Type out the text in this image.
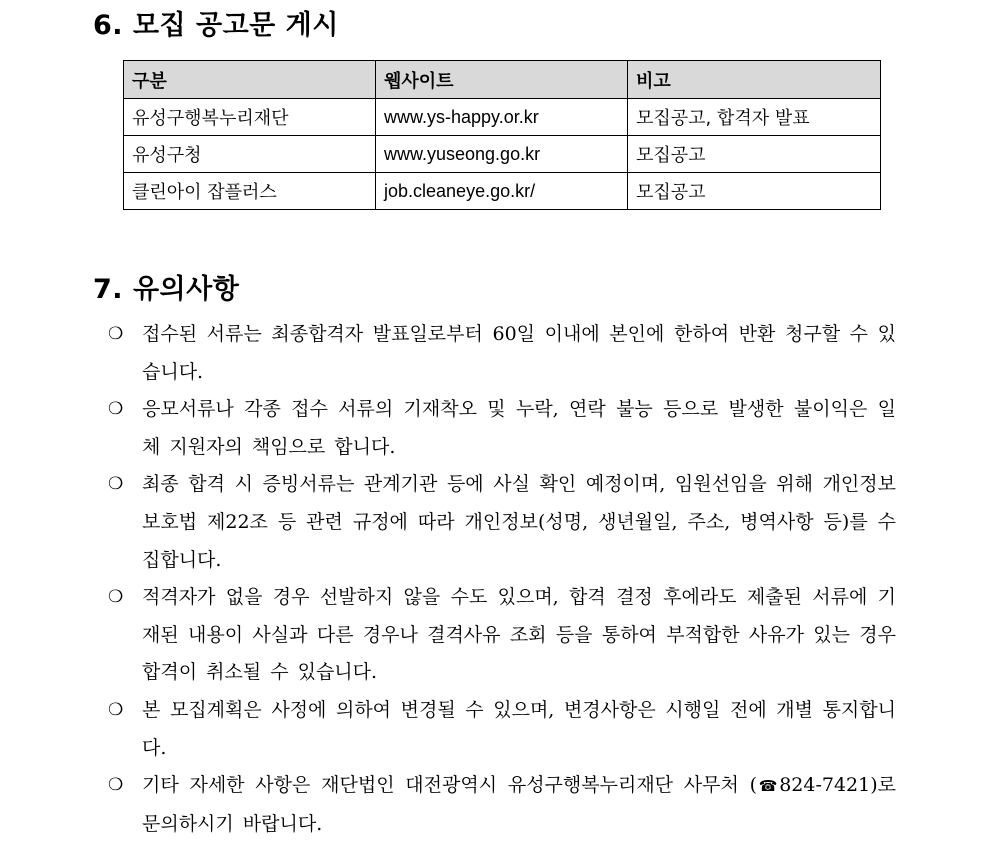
6. 모집 공고문 게시
구분	웹사이트	비고
유성구행복누리재단	www.ys-happy.or.kr	모집공고, 합격자 발표
유성구청	www.yuseong.go.kr	모집공고
클린아이 잡플러스	job.cleaneye.go.kr/	모집공고
7. 유의사항
❍ 접수된 서류는 최종합격자 발표일로부터 60일 이내에 본인에 한하여 반환 청구할 수 있습니다.
❍ 응모서류나 각종 접수 서류의 기재착오 및 누락, 연락 불능 등으로 발생한 불이익은 일체 지원자의 책임으로 합니다.
❍ 최종 합격 시 증빙서류는 관계기관 등에 사실 확인 예정이며, 임원선임을 위해 개인정보보호법 제22조 등 관련 규정에 따라 개인정보(성명, 생년월일, 주소, 병역사항 등)를 수집합니다.
❍ 적격자가 없을 경우 선발하지 않을 수도 있으며, 합격 결정 후에라도 제출된 서류에 기재된 내용이 사실과 다른 경우나 결격사유 조회 등을 통하여 부적합한 사유가 있는 경우 합격이 취소될 수 있습니다.
❍ 본 모집계획은 사정에 의하여 변경될 수 있으며, 변경사항은 시행일 전에 개별 통지합니다.
❍ 기타 자세한 사항은 재단법인 대전광역시 유성구행복누리재단 사무처 (☎824-7421)로 문의하시기 바랍니다.
